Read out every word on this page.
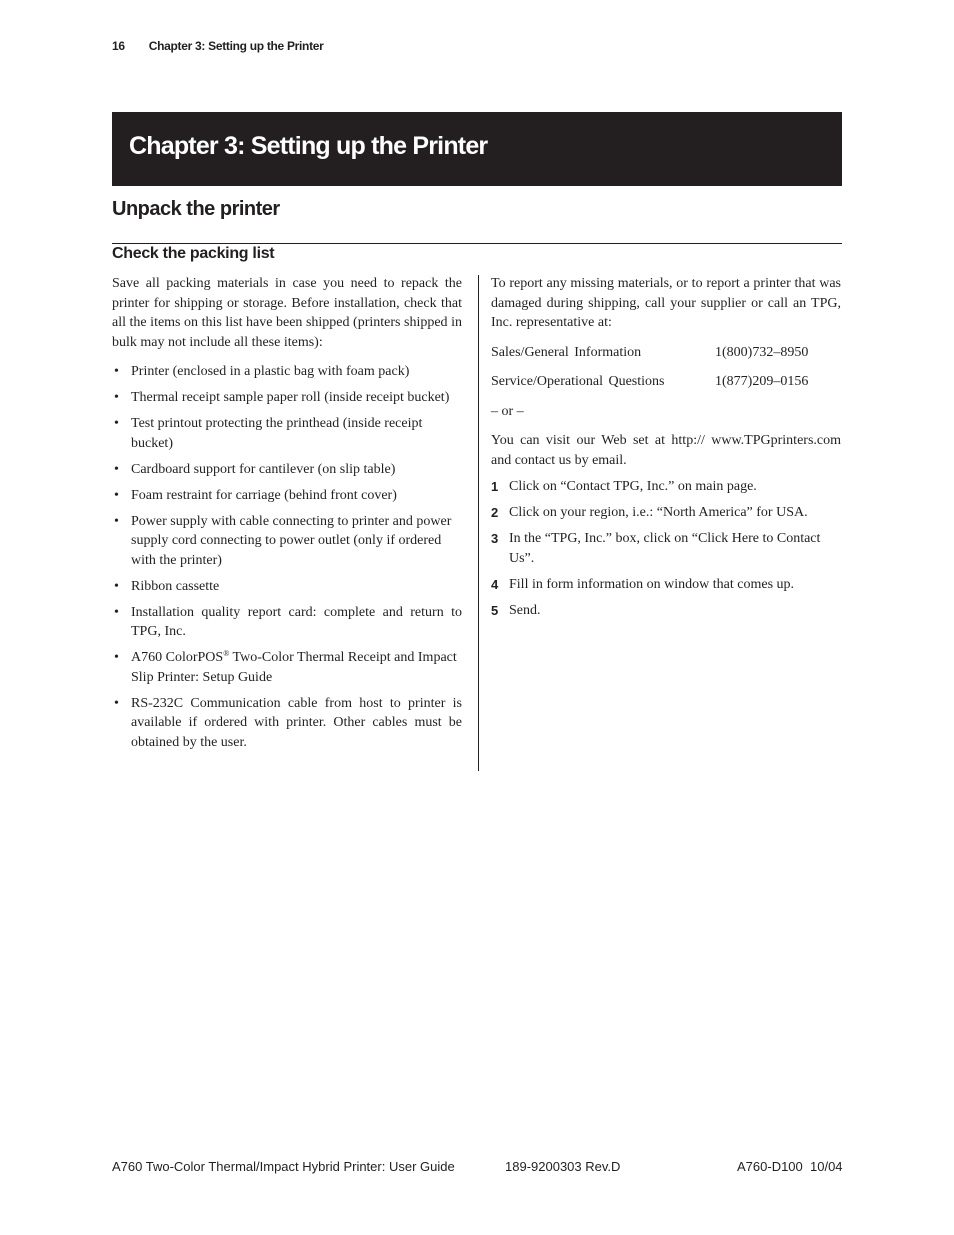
16 Chapter 3: Setting up the Printer
Chapter 3: Setting up the Printer
Unpack the printer
Check the packing list

Save all packing materials in case you need to repack the printer for shipping or storage. Before installation, check that all the items on this list have been shipped (printers shipped in bulk may not include all these items):

• Printer (enclosed in a plastic bag with foam pack)
• Thermal receipt sample paper roll (inside receipt bucket)
• Test printout protecting the printhead (inside receipt bucket)
• Cardboard support for cantilever (on slip table)
• Foam restraint for carriage (behind front cover)
• Power supply with cable connecting to printer and power supply cord connecting to power outlet (only if ordered with the printer)
• Ribbon cassette
• Installation quality report card: complete and return to TPG, Inc.
• A760 ColorPOS® Two-Color Thermal Receipt and Impact Slip Printer: Setup Guide
• RS-232C Communication cable from host to printer is available if ordered with printer. Other cables must be obtained by the user.

To report any missing materials, or to report a printer that was damaged during shipping, call your supplier or call an TPG, Inc. representative at:

Sales/General Information	1(800)732–8950
Service/Operational Questions	1(877)209–0156

– or –

You can visit our Web set at http:// www.TPGprinters.com and contact us by email.

1 Click on “Contact TPG, Inc.” on main page.
2 Click on your region, i.e.: “North America” for USA.
3 In the “TPG, Inc.” box, click on “Click Here to Contact Us”.
4 Fill in form information on window that comes up.
5 Send.
A760 Two-Color Thermal/Impact Hybrid Printer: User Guide	189-9200303 Rev.D	A760-D100  10/04
